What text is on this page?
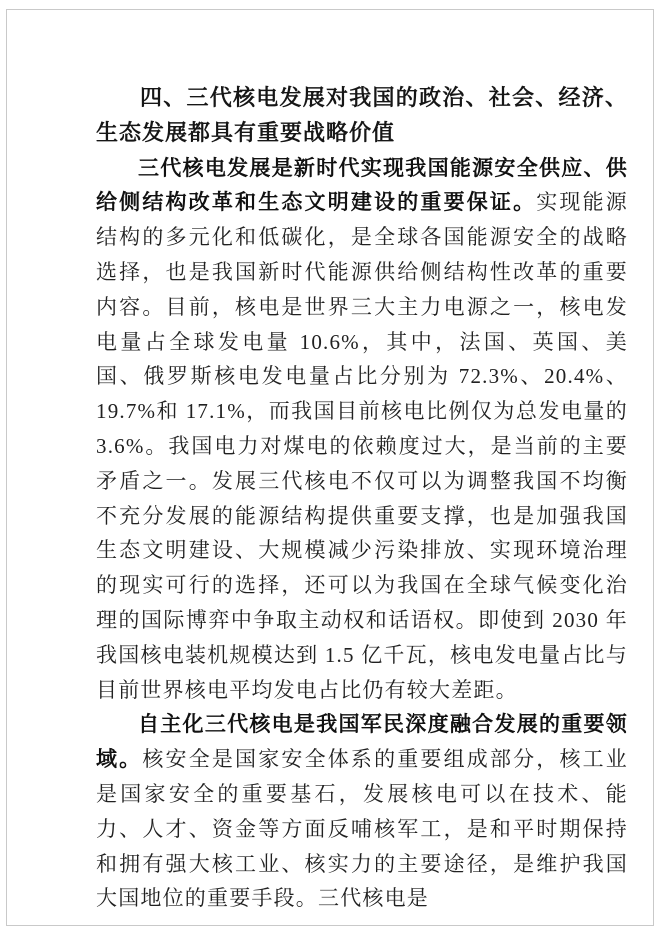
四、三代核电发展对我国的政治、社会、经济、生态发展都具有重要战略价值

三代核电发展是新时代实现我国能源安全供应、供给侧结构改革和生态文明建设的重要保证。实现能源结构的多元化和低碳化，是全球各国能源安全的战略选择，也是我国新时代能源供给侧结构性改革的重要内容。目前，核电是世界三大主力电源之一，核电发电量占全球发电量 10.6%，其中，法国、英国、美国、俄罗斯核电发电量占比分别为 72.3%、20.4%、19.7%和 17.1%，而我国目前核电比例仅为总发电量的 3.6%。我国电力对煤电的依赖度过大，是当前的主要矛盾之一。发展三代核电不仅可以为调整我国不均衡不充分发展的能源结构提供重要支撑，也是加强我国生态文明建设、大规模减少污染排放、实现环境治理的现实可行的选择，还可以为我国在全球气候变化治理的国际博弈中争取主动权和话语权。即使到 2030 年我国核电装机规模达到 1.5 亿千瓦，核电发电量占比与目前世界核电平均发电占比仍有较大差距。

自主化三代核电是我国军民深度融合发展的重要领域。核安全是国家安全体系的重要组成部分，核工业是国家安全的重要基石，发展核电可以在技术、能力、人才、资金等方面反哺核军工，是和平时期保持和拥有强大核工业、核实力的主要途径，是维护我国大国地位的重要手段。三代核电是
